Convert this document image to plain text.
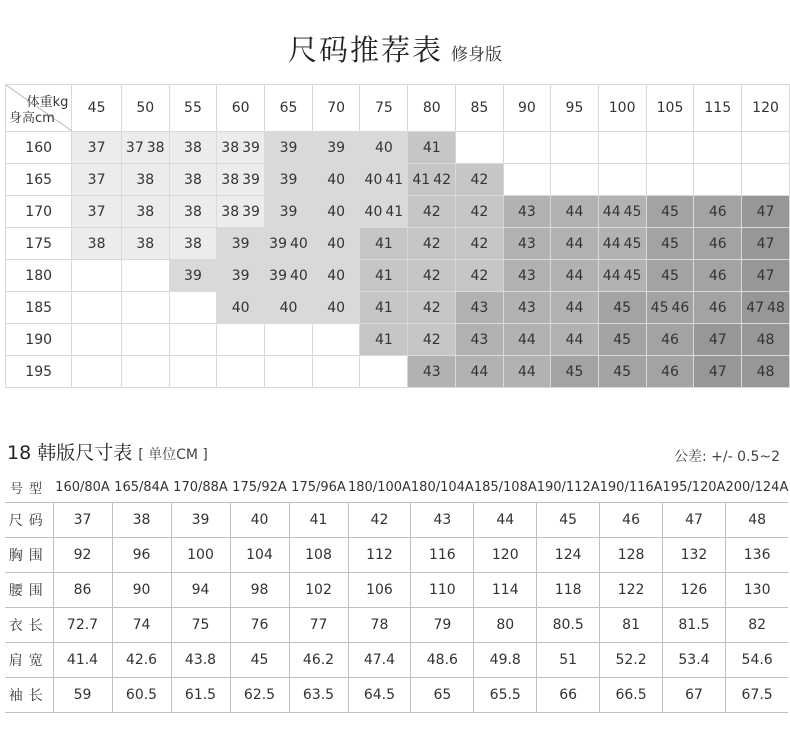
尺码推荐表 修身版
体重kg
身高cm	45	50	55	60	65	70	75	80	85	90	95	100	105	115	120
160	37	37 38	38	38 39	39	39	40	41							
165	37	38	38	38 39	39	40	40 41	41 42	42						
170	37	38	38	38 39	39	40	40 41	42	42	43	44	44 45	45	46	47
175	38	38	38	39	39 40	40	41	42	42	43	44	44 45	45	46	47
180			39	39	39 40	40	41	42	42	43	44	44 45	45	46	47
185				40	40	40	41	42	43	43	44	45	45 46	46	47 48

190							41	42	43	44	44	45	46	47	48
195								43	44	44	45	45	46	47	48
18 韩版尺寸表 [ 单位CM ]	公差: +/- 0.5~2
号型	160/80A	165/84A	170/88A	175/92A	175/96A	180/100A	180/104A	185/108A	190/112A	190/116A	195/120A	200/124A
尺码	37	38	39	40	41	42	43	44	45	46	47	48
胸围	92	96	100	104	108	112	116	120	124	128	132	136
腰围	86	90	94	98	102	106	110	114	118	122	126	130
衣长	72.7	74	75	76	77	78	79	80	80.5	81	81.5	82
肩宽	41.4	42.6	43.8	45	46.2	47.4	48.6	49.8	51	52.2	53.4	54.6
袖长	59	60.5	61.5	62.5	63.5	64.5	65	65.5	66	66.5	67	67.5
